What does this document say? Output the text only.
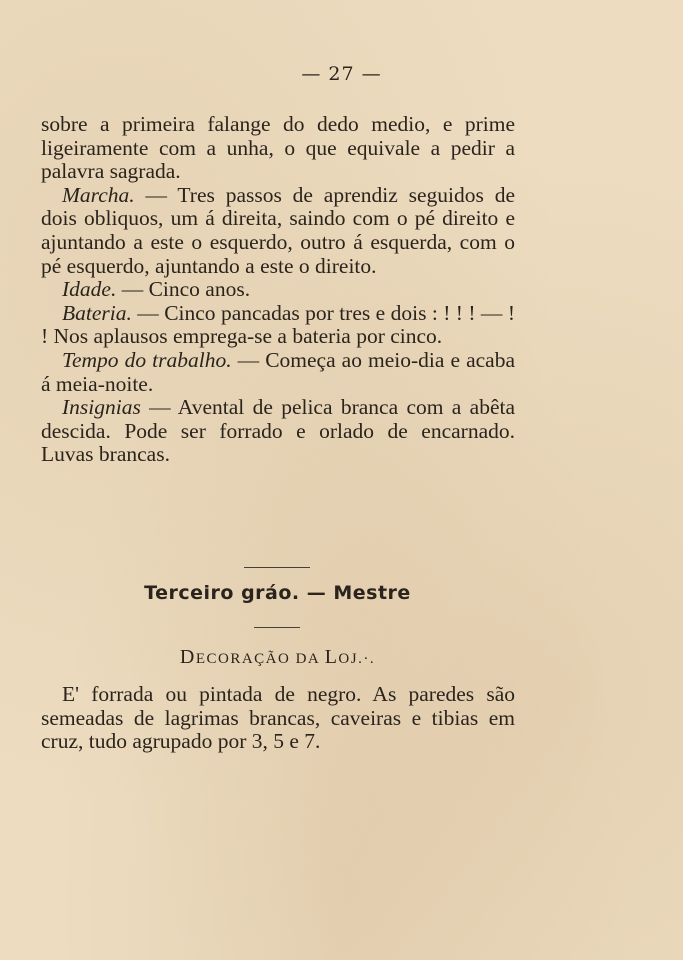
— 27 —

sobre a primeira falange do dedo medio, e prime ligeiramente com a unha, o que equivale a pedir a palavra sagrada.

Marcha. — Tres passos de aprendiz seguidos de dois obliquos, um á direita, saindo com o pé direito e ajuntando a este o esquerdo, outro á esquerda, com o pé esquerdo, ajuntando a este o direito.

Idade. — Cinco anos.

Bateria. — Cinco pancadas por tres e dois : ! ! ! — ! ! Nos aplausos emprega-se a bateria por cinco.

Tempo do trabalho. — Começa ao meio-dia e acaba á meia-noite.

Insignias — Avental de pelica branca com a abêta descida. Pode ser forrado e orlado de encarnado. Luvas brancas.

Terceiro gráo. — Mestre
DECORAÇÃO DA LOJ.·.

E' forrada ou pintada de negro. As paredes são semeadas de lagrimas brancas, caveiras e tibias em cruz, tudo agrupado por 3, 5 e 7.
